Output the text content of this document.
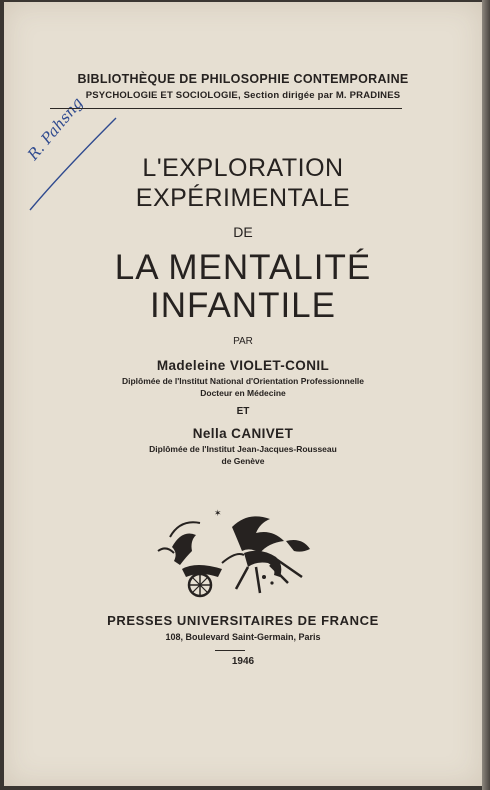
R. Pahsng
BIBLIOTHÈQUE DE PHILOSOPHIE CONTEMPORAINE
PSYCHOLOGIE ET SOCIOLOGIE, Section dirigée par M. PRADINES
L'EXPLORATION
EXPÉRIMENTALE
DE
LA MENTALITÉ
INFANTILE
PAR
Madeleine VIOLET-CONIL
Diplômée de l'Institut National d'Orientation Professionnelle
Docteur en Médecine
ET
Nella CANIVET
Diplômée de l'Institut Jean-Jacques-Rousseau
de Genève
✶
PRESSES UNIVERSITAIRES DE FRANCE
108, Boulevard Saint-Germain, Paris
1946
